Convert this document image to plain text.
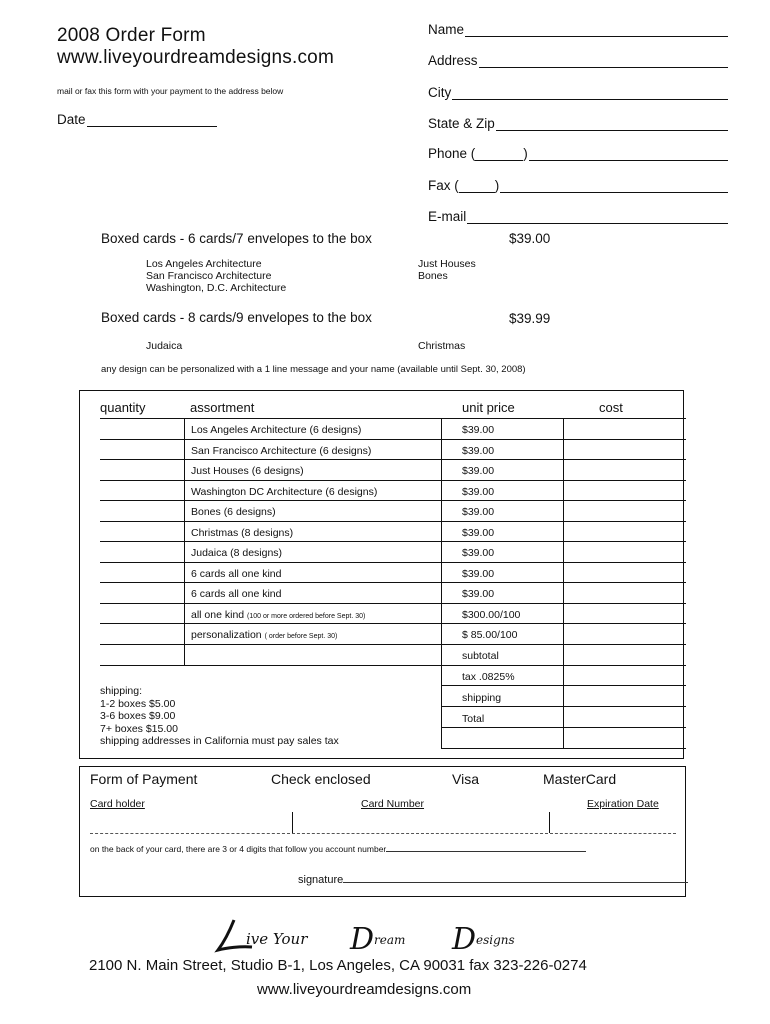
2008 Order Form
www.liveyourdreamdesigns.com
mail or fax this form with your payment to the address below
Date
Name
Address
City
State & Zip
Phone (	)
Fax (	)
E-mail
Boxed cards - 6 cards/7 envelopes to the box	$39.00
Los Angeles Architecture
San Francisco Architecture
Washington, D.C. Architecture
Just Houses
Bones
Boxed cards - 8 cards/9 envelopes to the box	$39.99
Judaica	Christmas
any design can be personalized with a 1 line message and your name (available until Sept. 30, 2008)
quantity	assortment	unit price	cost
Los Angeles Architecture (6 designs)	$39.00
San Francisco Architecture (6 designs)	$39.00
Just Houses (6 designs)	$39.00
Washington DC Architecture (6 designs)	$39.00
Bones (6 designs)	$39.00
Christmas (8 designs)	$39.00
Judaica (8 designs)	$39.00
6 cards all one kind	$39.00
6 cards all one kind	$39.00
all one kind (100 or more ordered before Sept. 30)	$300.00/100
personalization ( order before Sept. 30)	$ 85.00/100
subtotal
tax .0825%
shipping
Total
shipping:
1-2 boxes $5.00
3-6 boxes $9.00
7+ boxes $15.00
shipping addresses in California must pay sales tax
Form of Payment	Check enclosed	Visa	MasterCard
Card holder	Card Number	Expiration Date
on the back of your card, there are 3 or 4 digits that follow you account number
signature
ive Your D ream D esigns
2100 N. Main Street, Studio B-1, Los Angeles, CA 90031 fax 323-226-0274
www.liveyourdreamdesigns.com
